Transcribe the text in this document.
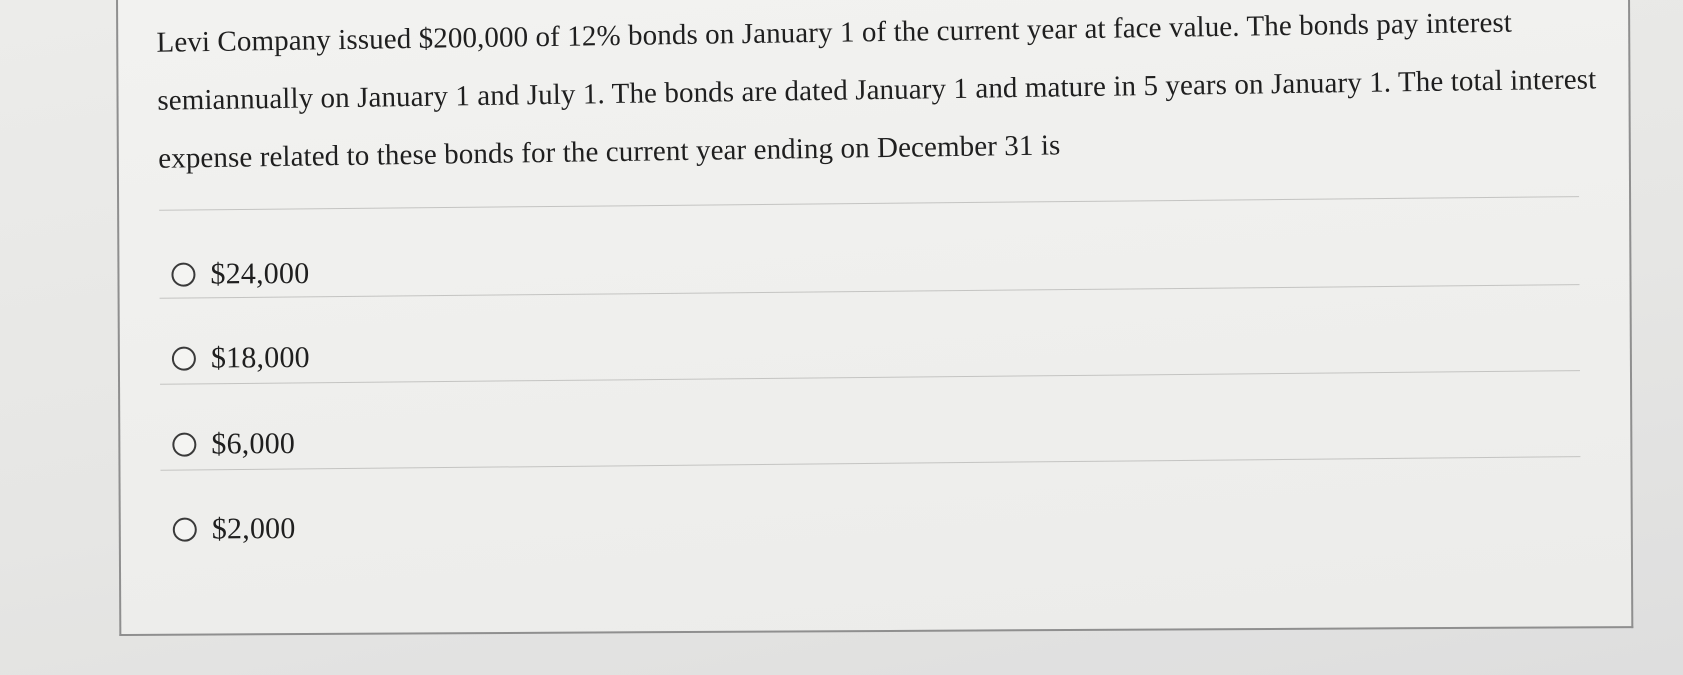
Levi Company issued $200,000 of 12% bonds on January 1 of the current year at face value. The bonds pay interest semiannually on January 1 and July 1. The bonds are dated January 1 and mature in 5 years on January 1. The total interest expense related to these bonds for the current year ending on December 31 is

$24,000
$18,000
$6,000
$2,000
